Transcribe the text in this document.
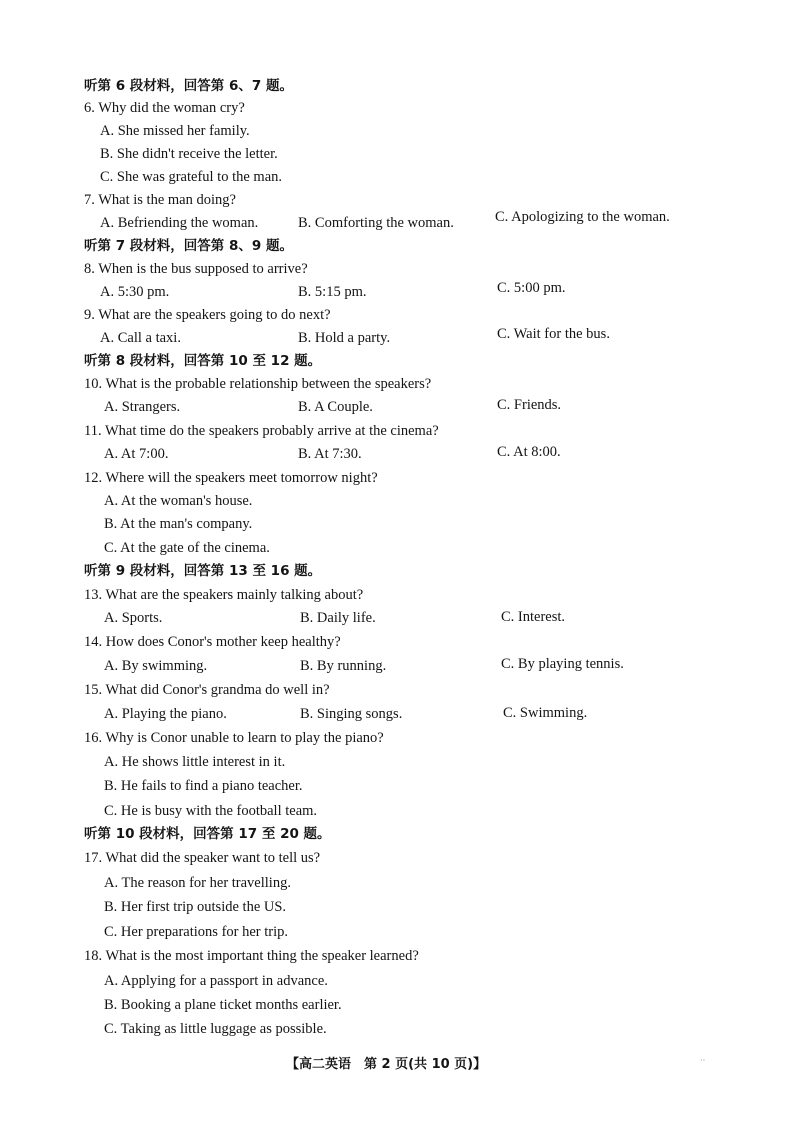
听第 6 段材料，回答第 6、7 题。
6. Why did the woman cry?
A. She missed her family.
B. She didn't receive the letter.
C. She was grateful to the man.
7. What is the man doing?
A. Befriending the woman.	B. Comforting the woman.	C. Apologizing to the woman.
听第 7 段材料，回答第 8、9 题。
8. When is the bus supposed to arrive?
A. 5:30 pm.	B. 5:15 pm.	C. 5:00 pm.
9. What are the speakers going to do next?
A. Call a taxi.	B. Hold a party.	C. Wait for the bus.
听第 8 段材料，回答第 10 至 12 题。
10. What is the probable relationship between the speakers?
A. Strangers.	B. A Couple.	C. Friends.
11. What time do the speakers probably arrive at the cinema?
A. At 7:00.	B. At 7:30.	C. At 8:00.
12. Where will the speakers meet tomorrow night?
A. At the woman's house.
B. At the man's company.
C. At the gate of the cinema.
听第 9 段材料，回答第 13 至 16 题。
13. What are the speakers mainly talking about?
A. Sports.	B. Daily life.	C. Interest.
14. How does Conor's mother keep healthy?
A. By swimming.	B. By running.	C. By playing tennis.
15. What did Conor's grandma do well in?
A. Playing the piano.	B. Singing songs.	C. Swimming.
16. Why is Conor unable to learn to play the piano?
A. He shows little interest in it.
B. He fails to find a piano teacher.
C. He is busy with the football team.
听第 10 段材料，回答第 17 至 20 题。
17. What did the speaker want to tell us?
A. The reason for her travelling.
B. Her first trip outside the US.
C. Her preparations for her trip.
18. What is the most important thing the speaker learned?
A. Applying for a passport in advance.
B. Booking a plane ticket months earlier.
C. Taking as little luggage as possible.
【高二英语　第 2 页(共 10 页)】	··
